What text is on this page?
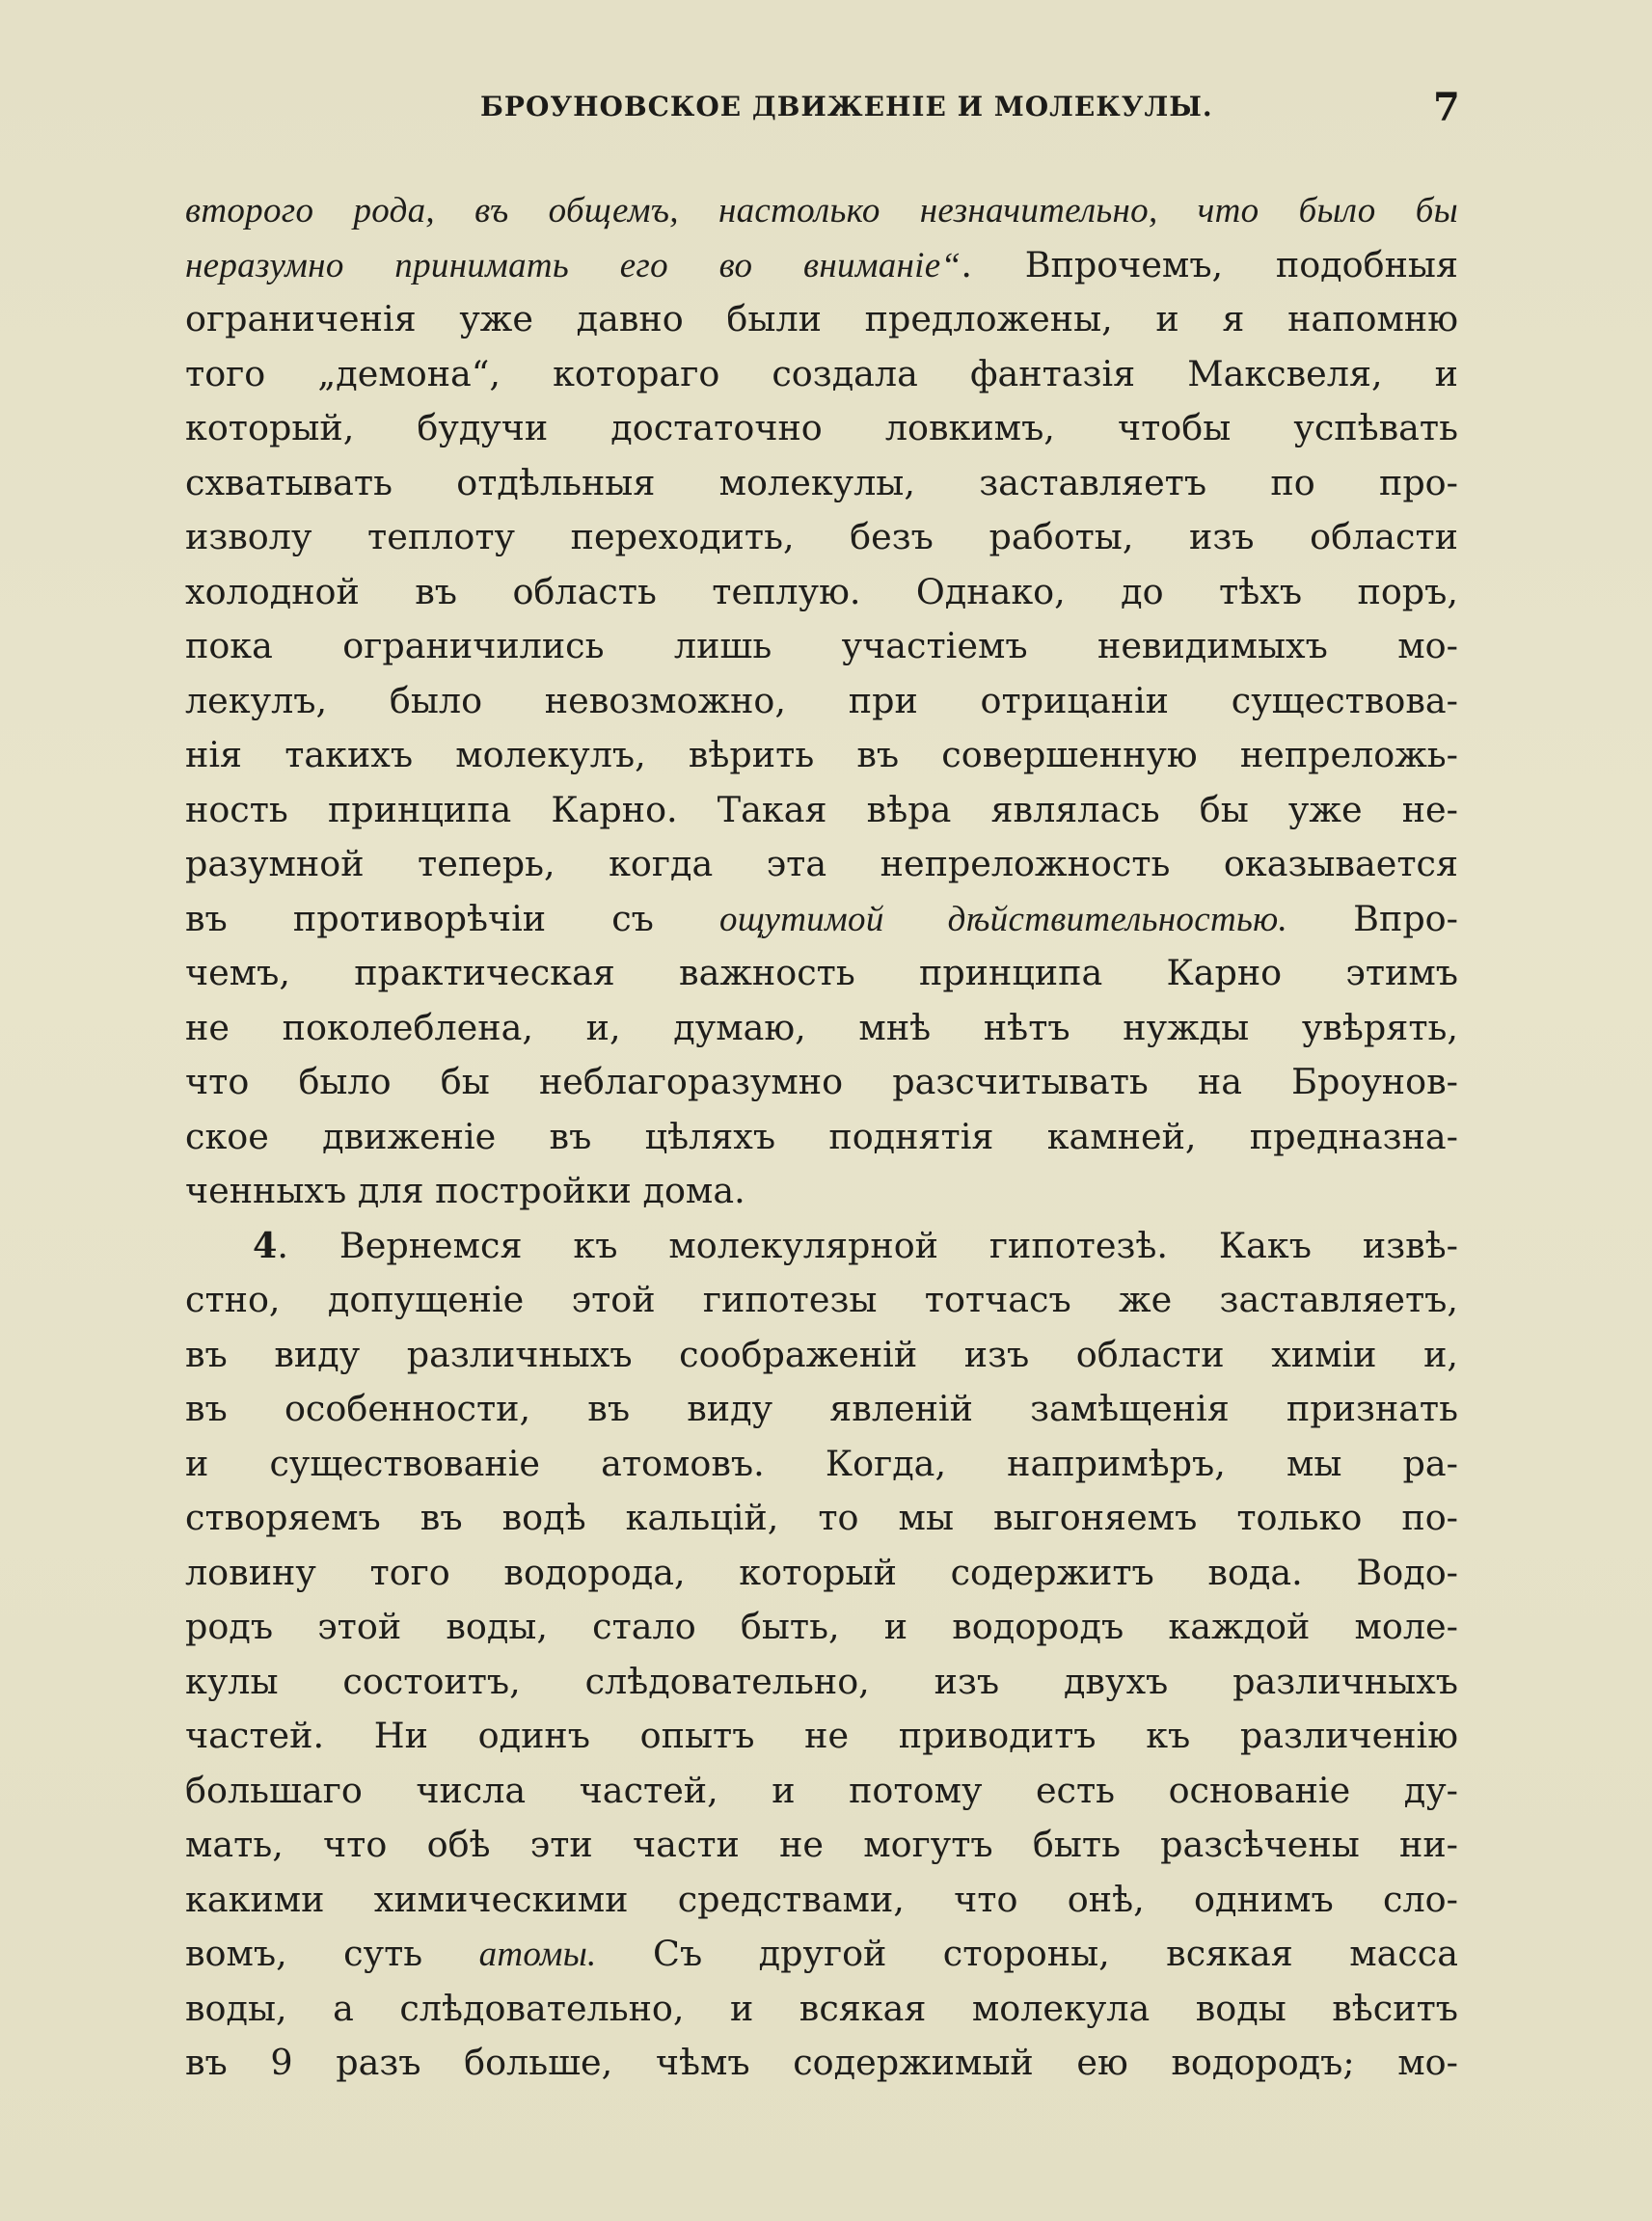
БРОУНОВСКОЕ ДВИЖЕНIЕ И МОЛЕКУЛЫ.	7
второго рода, въ общемъ, настолько незначительно, что было бы
неразумно принимать его во вниманiе“. Впрочемъ, подобныя
ограниченiя уже давно были предложены, и я напомню
того „демона“, котораго создала фантазiя Максвеля, и
который, будучи достаточно ловкимъ, чтобы успѣвать
схватывать отдѣльныя молекулы, заставляетъ по про-
изволу теплоту переходить, безъ работы, изъ области
холодной въ область теплую. Однако, до тѣхъ поръ,
пока ограничились лишь участiемъ невидимыхъ мо-
лекулъ, было невозможно, при отрицанiи существова-
нiя такихъ молекулъ, вѣрить въ совершенную непреложь-
ность принципа Карно. Такая вѣра являлась бы уже не-
разумной теперь, когда эта непреложность оказывается
въ противорѣчiи съ ощутимой дѣйствительностью. Впро-
чемъ, практическая важность принципа Карно этимъ
не поколеблена, и, думаю, мнѣ нѣтъ нужды увѣрять,
что было бы неблагоразумно разсчитывать на Броунов-
ское движенiе въ цѣляхъ поднятiя камней, предназна-
ченныхъ для постройки дома.
4. Вернемся къ молекулярной гипотезѣ. Какъ извѣ-
стно, допущенiе этой гипотезы тотчасъ же заставляетъ,
въ виду различныхъ соображенiй изъ области химiи и,
въ особенности, въ виду явленiй замѣщенiя признать
и существованiе атомовъ. Когда, напримѣръ, мы ра-
створяемъ въ водѣ кальцiй, то мы выгоняемъ только по-
ловину того водорода, который содержитъ вода. Водо-
родъ этой воды, стало быть, и водородъ каждой моле-
кулы состоитъ, слѣдовательно, изъ двухъ различныхъ
частей. Ни одинъ опытъ не приводитъ къ различенiю
большаго числа частей, и потому есть основанiе ду-
мать, что обѣ эти части не могутъ быть разсѣчены ни-
какими химическими средствами, что онѣ, однимъ сло-
вомъ, суть атомы. Съ другой стороны, всякая масса
воды, а слѣдовательно, и всякая молекула воды вѣситъ
въ 9 разъ больше, чѣмъ содержимый ею водородъ; мо-
